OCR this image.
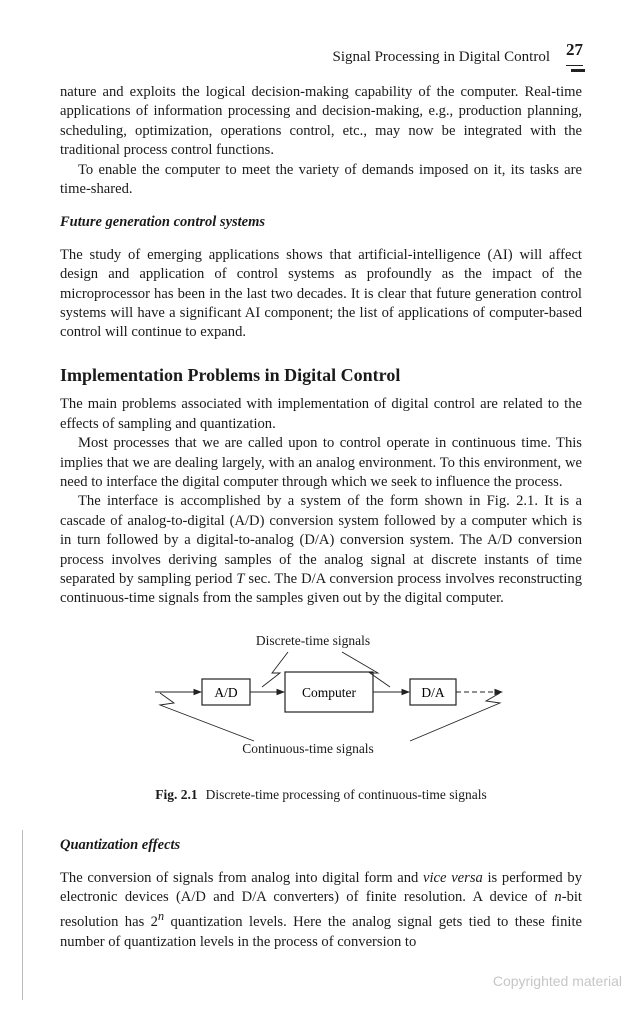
Signal Processing in Digital Control 27

nature and exploits the logical decision-making capability of the computer. Real-time applications of information processing and decision-making, e.g., production planning, scheduling, optimization, operations control, etc., may now be integrated with the traditional process control functions.

To enable the computer to meet the variety of demands imposed on it, its tasks are time-shared.

Future generation control systems

The study of emerging applications shows that artificial-intelligence (AI) will affect design and application of control systems as profoundly as the impact of the microprocessor has been in the last two decades. It is clear that future generation control systems will have a significant AI component; the list of applications of computer-based control will continue to expand.

Implementation Problems in Digital Control

The main problems associated with implementation of digital control are related to the effects of sampling and quantization.

Most processes that we are called upon to control operate in continuous time. This implies that we are dealing largely, with an analog environment. To this environment, we need to interface the digital computer through which we seek to influence the process.

The interface is accomplished by a system of the form shown in Fig. 2.1. It is a cascade of analog-to-digital (A/D) conversion system followed by a computer which is in turn followed by a digital-to-analog (D/A) conversion system. The A/D conversion process involves deriving samples of the analog signal at discrete instants of time separated by sampling period T sec. The D/A conversion process involves reconstructing continuous-time signals from the samples given out by the digital computer.

Discrete-time signals
Continuous-time signals
A/D	Computer	D/A
Fig. 2.1 Discrete-time processing of continuous-time signals
Quantization effects

The conversion of signals from analog into digital form and vice versa is performed by electronic devices (A/D and D/A converters) of finite resolution. A device of n-bit resolution has 2$^n$ quantization levels. Here the analog signal gets tied to these finite number of quantization levels in the process of conversion to

Copyrighted material
